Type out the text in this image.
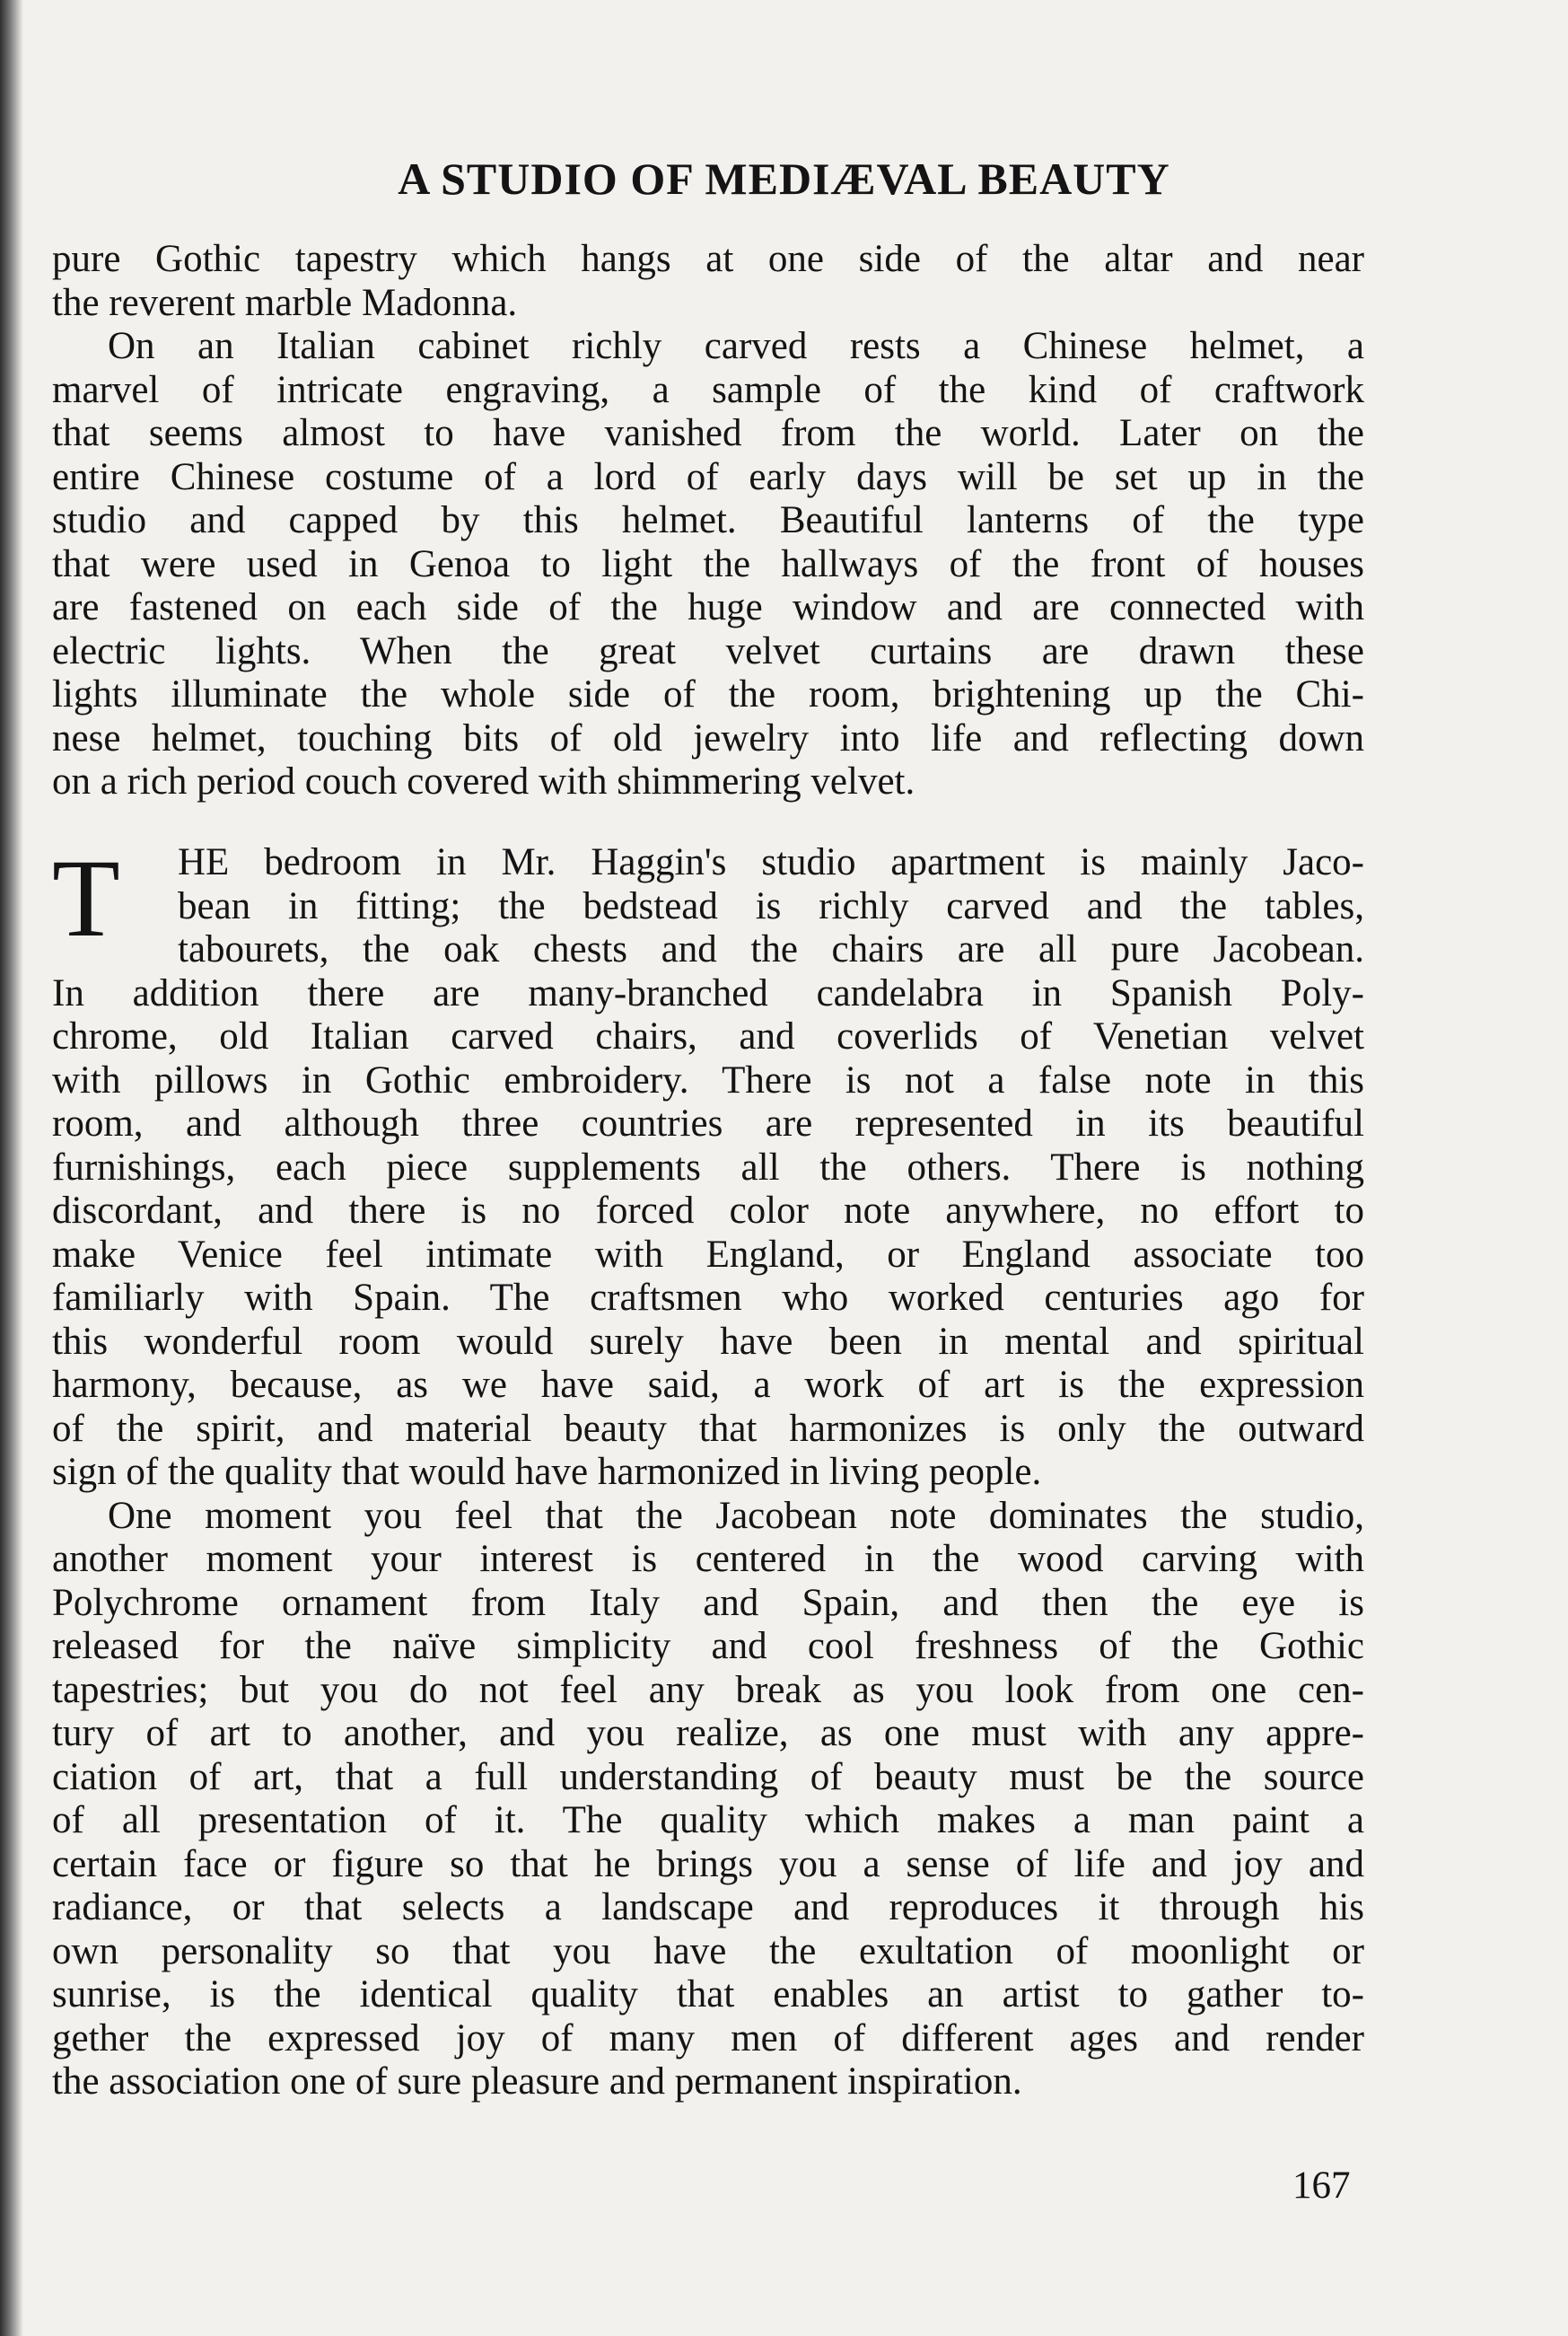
A STUDIO OF MEDIÆVAL BEAUTY
pure Gothic tapestry which hangs at one side of the altar and near
the reverent marble Madonna.
On an Italian cabinet richly carved rests a Chinese helmet, a
marvel of intricate engraving, a sample of the kind of craftwork
that seems almost to have vanished from the world. Later on the
entire Chinese costume of a lord of early days will be set up in the
studio and capped by this helmet. Beautiful lanterns of the type
that were used in Genoa to light the hallways of the front of houses
are fastened on each side of the huge window and are connected with
electric lights. When the great velvet curtains are drawn these
lights illuminate the whole side of the room, brightening up the Chi-
nese helmet, touching bits of old jewelry into life and reflecting down
on a rich period couch covered with shimmering velvet.
T	HE bedroom in Mr. Haggin's studio apartment is mainly Jaco-
bean in fitting; the bedstead is richly carved and the tables,
tabourets, the oak chests and the chairs are all pure Jacobean.
In addition there are many-branched candelabra in Spanish Poly-
chrome, old Italian carved chairs, and coverlids of Venetian velvet
with pillows in Gothic embroidery. There is not a false note in this
room, and although three countries are represented in its beautiful
furnishings, each piece supplements all the others. There is nothing
discordant, and there is no forced color note anywhere, no effort to
make Venice feel intimate with England, or England associate too
familiarly with Spain. The craftsmen who worked centuries ago for
this wonderful room would surely have been in mental and spiritual
harmony, because, as we have said, a work of art is the expression
of the spirit, and material beauty that harmonizes is only the outward
sign of the quality that would have harmonized in living people.
One moment you feel that the Jacobean note dominates the studio,
another moment your interest is centered in the wood carving with
Polychrome ornament from Italy and Spain, and then the eye is
released for the naïve simplicity and cool freshness of the Gothic
tapestries; but you do not feel any break as you look from one cen-
tury of art to another, and you realize, as one must with any appre-
ciation of art, that a full understanding of beauty must be the source
of all presentation of it. The quality which makes a man paint a
certain face or figure so that he brings you a sense of life and joy and
radiance, or that selects a landscape and reproduces it through his
own personality so that you have the exultation of moonlight or
sunrise, is the identical quality that enables an artist to gather to-
gether the expressed joy of many men of different ages and render
the association one of sure pleasure and permanent inspiration.
167
